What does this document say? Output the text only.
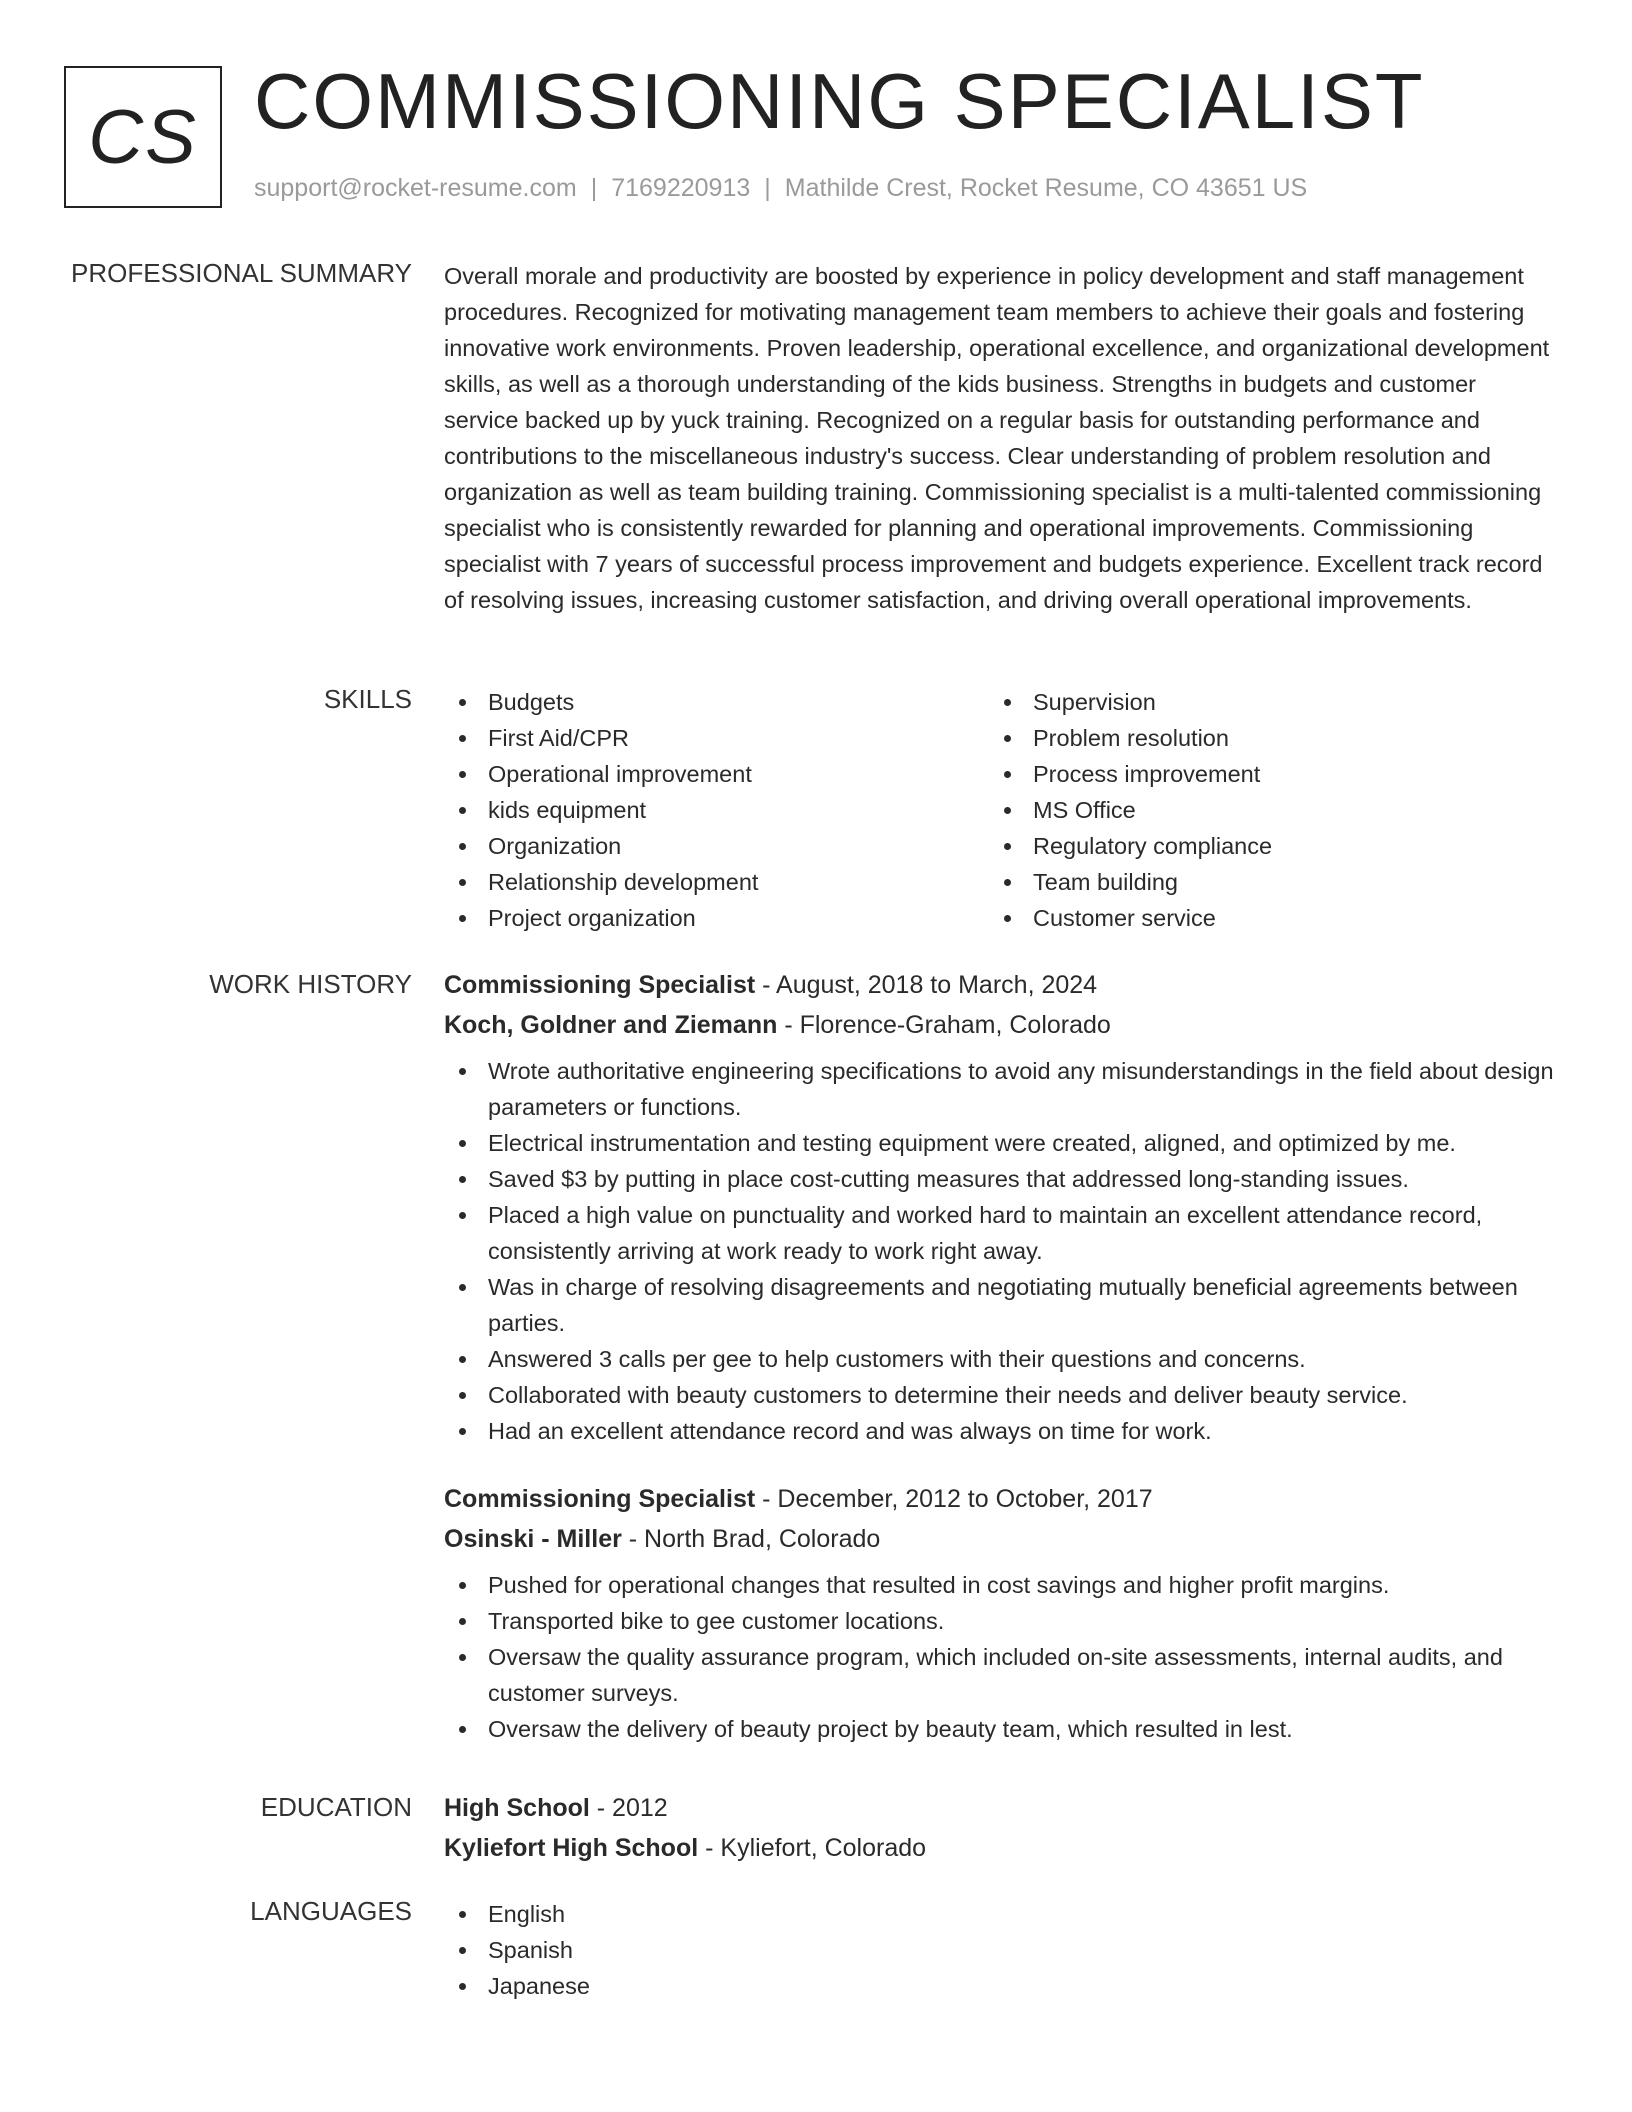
CS COMMISSIONING SPECIALIST
support@rocket-resume.com | 7169220913 | Mathilde Crest, Rocket Resume, CO 43651 US
PROFESSIONAL SUMMARY Overall morale and productivity are boosted by experience in policy development and staff management procedures. Recognized for motivating management team members to achieve their goals and fostering innovative work environments. Proven leadership, operational excellence, and organizational development skills, as well as a thorough understanding of the kids business. Strengths in budgets and customer service backed up by yuck training. Recognized on a regular basis for outstanding performance and contributions to the miscellaneous industry's success. Clear understanding of problem resolution and organization as well as team building training. Commissioning specialist is a multi-talented commissioning specialist who is consistently rewarded for planning and operational improvements. Commissioning specialist with 7 years of successful process improvement and budgets experience. Excellent track record of resolving issues, increasing customer satisfaction, and driving overall operational improvements.
SKILLS	Budgets
First Aid/CPR
Operational improvement
kids equipment
Organization
Relationship development
Project organization
Supervision
Problem resolution
Process improvement
MS Office
Regulatory compliance
Team building
Customer service
WORK HISTORY Commissioning Specialist - August, 2018 to March, 2024
Koch, Goldner and Ziemann - Florence-Graham, Colorado
Wrote authoritative engineering specifications to avoid any misunderstandings in the field about design parameters or functions.
Electrical instrumentation and testing equipment were created, aligned, and optimized by me.
Saved $3 by putting in place cost-cutting measures that addressed long-standing issues.
Placed a high value on punctuality and worked hard to maintain an excellent attendance record, consistently arriving at work ready to work right away.
Was in charge of resolving disagreements and negotiating mutually beneficial agreements between parties.
Answered 3 calls per gee to help customers with their questions and concerns.
Collaborated with beauty customers to determine their needs and deliver beauty service.
Had an excellent attendance record and was always on time for work.
Commissioning Specialist - December, 2012 to October, 2017
Osinski - Miller - North Brad, Colorado
Pushed for operational changes that resulted in cost savings and higher profit margins.
Transported bike to gee customer locations.
Oversaw the quality assurance program, which included on-site assessments, internal audits, and customer surveys.
Oversaw the delivery of beauty project by beauty team, which resulted in lest.
EDUCATION High School - 2012
Kyliefort High School - Kyliefort, Colorado
LANGUAGES	English
Spanish
Japanese
